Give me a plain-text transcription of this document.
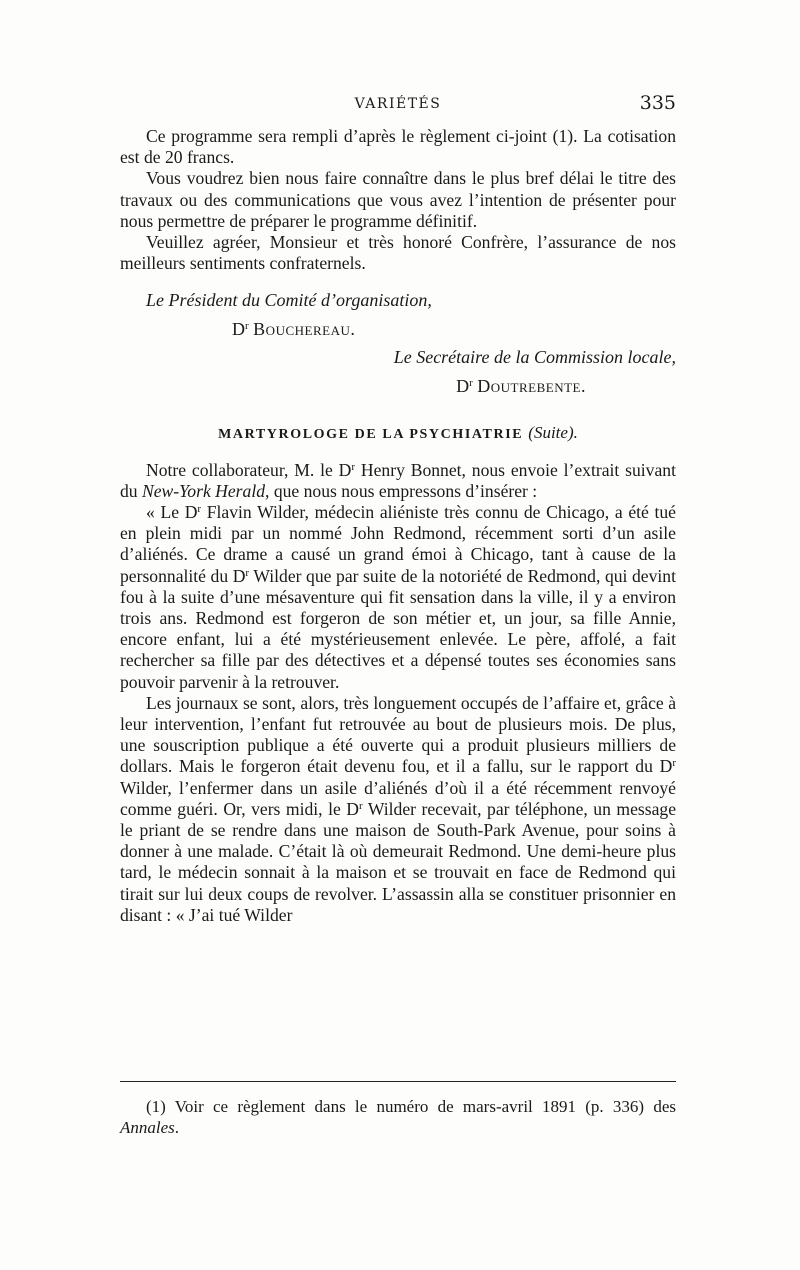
VARIÉTÉS	335

Ce programme sera rempli d’après le règlement ci-joint (1). La cotisation est de 20 francs.

Vous voudrez bien nous faire connaître dans le plus bref délai le titre des travaux ou des communications que vous avez l’intention de présenter pour nous permettre de préparer le programme définitif.

Veuillez agréer, Monsieur et très honoré Confrère, l’assurance de nos meilleurs sentiments confraternels.

Le Président du Comité d’organisation,
$D^r$ Bouchereau.
Le Secrétaire de la Commission locale,
$D^r$ Doutrebente.
MARTYROLOGE DE LA PSYCHIATRIE (Suite).

Notre collaborateur, M. le $D^r$ Henry Bonnet, nous envoie l’extrait suivant du New-York Herald, que nous nous empressons d’insérer :

« Le $D^r$ Flavin Wilder, médecin aliéniste très connu de Chicago, a été tué en plein midi par un nommé John Redmond, récemment sorti d’un asile d’aliénés. Ce drame a causé un grand émoi à Chicago, tant à cause de la personnalité du $D^r$ Wilder que par suite de la notoriété de Redmond, qui devint fou à la suite d’une mésaventure qui fit sensation dans la ville, il y a environ trois ans. Redmond est forgeron de son métier et, un jour, sa fille Annie, encore enfant, lui a été mystérieusement enlevée. Le père, affolé, a fait rechercher sa fille par des détectives et a dépensé toutes ses économies sans pouvoir parvenir à la retrouver.

Les journaux se sont, alors, très longuement occupés de l’affaire et, grâce à leur intervention, l’enfant fut retrouvée au bout de plusieurs mois. De plus, une souscription publique a été ouverte qui a produit plusieurs milliers de dollars. Mais le forgeron était devenu fou, et il a fallu, sur le rapport du $D^r$ Wilder, l’enfermer dans un asile d’aliénés d’où il a été récemment renvoyé comme guéri. Or, vers midi, le $D^r$ Wilder recevait, par téléphone, un message le priant de se rendre dans une maison de South-Park Avenue, pour soins à donner à une malade. C’était là où demeurait Redmond. Une demi-heure plus tard, le médecin sonnait à la maison et se trouvait en face de Redmond qui tirait sur lui deux coups de revolver. L’assassin alla se constituer prisonnier en disant : « J’ai tué Wilder

(1) Voir ce règlement dans le numéro de mars-avril 1891 (p. 336) des Annales.
